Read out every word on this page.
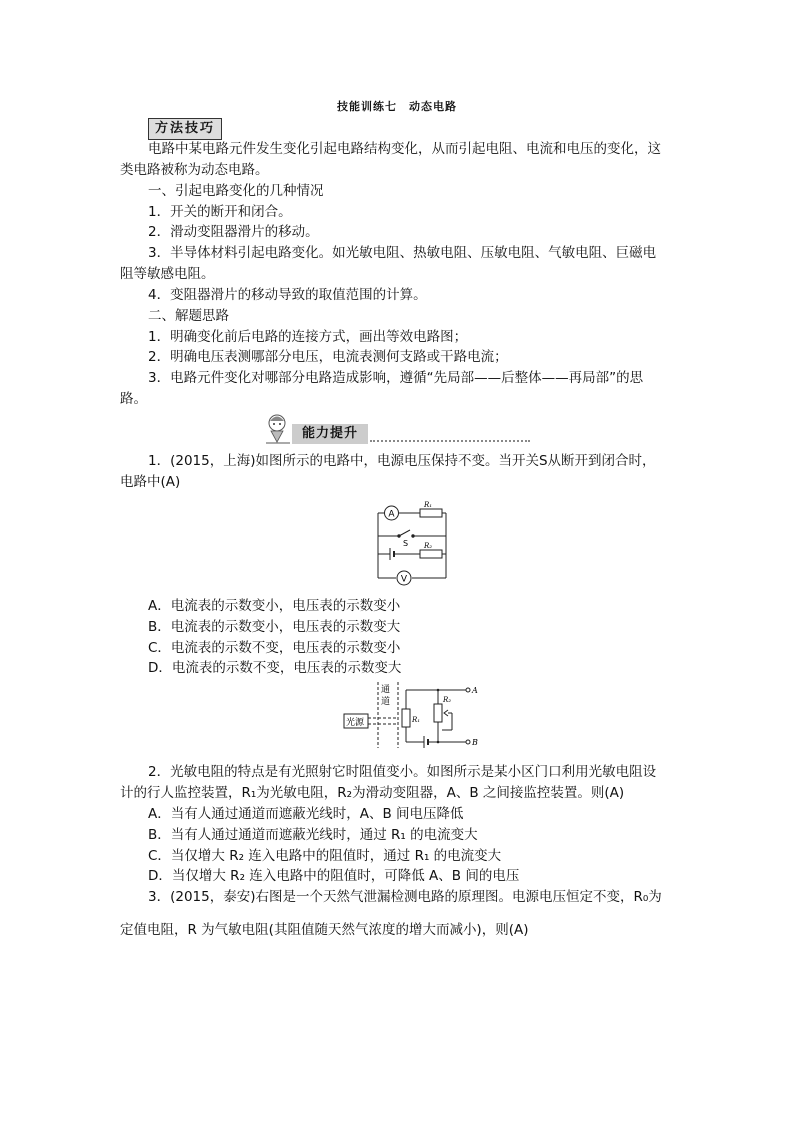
技能训练七　动态电路
方法技巧
电路中某电路元件发生变化引起电路结构变化，从而引起电阻、电流和电压的变化，这
类电路被称为动态电路。
一、引起电路变化的几种情况
1．开关的断开和闭合。
2．滑动变阻器滑片的移动。
3．半导体材料引起电路变化。如光敏电阻、热敏电阻、压敏电阻、气敏电阻、巨磁电
阻等敏感电阻。
4．变阻器滑片的移动导致的取值范围的计算。
二、解题思路
1．明确变化前后电路的连接方式，画出等效电路图；
2．明确电压表测哪部分电压，电流表测何支路或干路电流；
3．电路元件变化对哪部分电路造成影响，遵循“先局部——后整体——再局部”的思
路。
能力提升
1．(2015，上海)如图所示的电路中，电源电压保持不变。当开关S从断开到闭合时，
电路中(A)
A
V
S
R₁
R₂
A．电流表的示数变小，电压表的示数变小
B．电流表的示数变小，电压表的示数变大
C．电流表的示数不变，电压表的示数变小
D．电流表的示数不变，电压表的示数变大
通
道
光源	R₁
R₂
A
B
2．光敏电阻的特点是有光照射它时阻值变小。如图所示是某小区门口利用光敏电阻设
计的行人监控装置，R₁为光敏电阻，R₂为滑动变阻器，A、B 之间接监控装置。则(A)
A．当有人通过通道而遮蔽光线时，A、B 间电压降低
B．当有人通过通道而遮蔽光线时，通过 R₁ 的电流变大
C．当仅增大 R₂ 连入电路中的阻值时，通过 R₁ 的电流变大
D．当仅增大 R₂ 连入电路中的阻值时，可降低 A、B 间的电压
3．(2015，泰安)右图是一个天然气泄漏检测电路的原理图。电源电压恒定不变，R₀为
定值电阻，R 为气敏电阻(其阻值随天然气浓度的增大而减小)，则(A)
